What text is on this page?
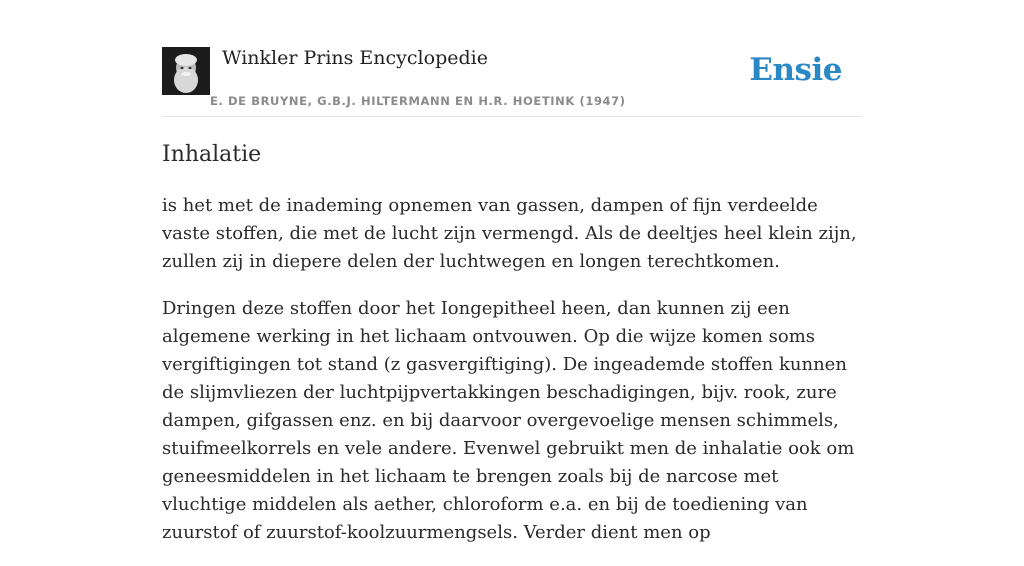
Winkler Prins Encyclopedie
E. DE BRUYNE, G.B.J. HILTERMANN EN H.R. HOETINK (1947)
Ensie
Inhalatie

is het met de inademing opnemen van gassen, dampen of fijn verdeelde vaste stoffen, die met de lucht zijn vermengd. Als de deeltjes heel klein zijn, zullen zij in diepere delen der luchtwegen en longen terechtkomen.

Dringen deze stoffen door het Iongepitheel heen, dan kunnen zij een algemene werking in het lichaam ontvouwen. Op die wijze komen soms vergiftigingen tot stand (z gasvergiftiging). De ingeademde stoffen kunnen de slijmvliezen der luchtpijpvertakkingen beschadigingen, bijv. rook, zure dampen, gifgassen enz. en bij daarvoor overgevoelige mensen schimmels, stuifmeelkorrels en vele andere. Evenwel gebruikt men de inhalatie ook om geneesmiddelen in het lichaam te brengen zoals bij de narcose met vluchtige middelen als aether, chloroform e.a. en bij de toediening van zuurstof of zuurstof-koolzuurmengsels. Verder dient men op
